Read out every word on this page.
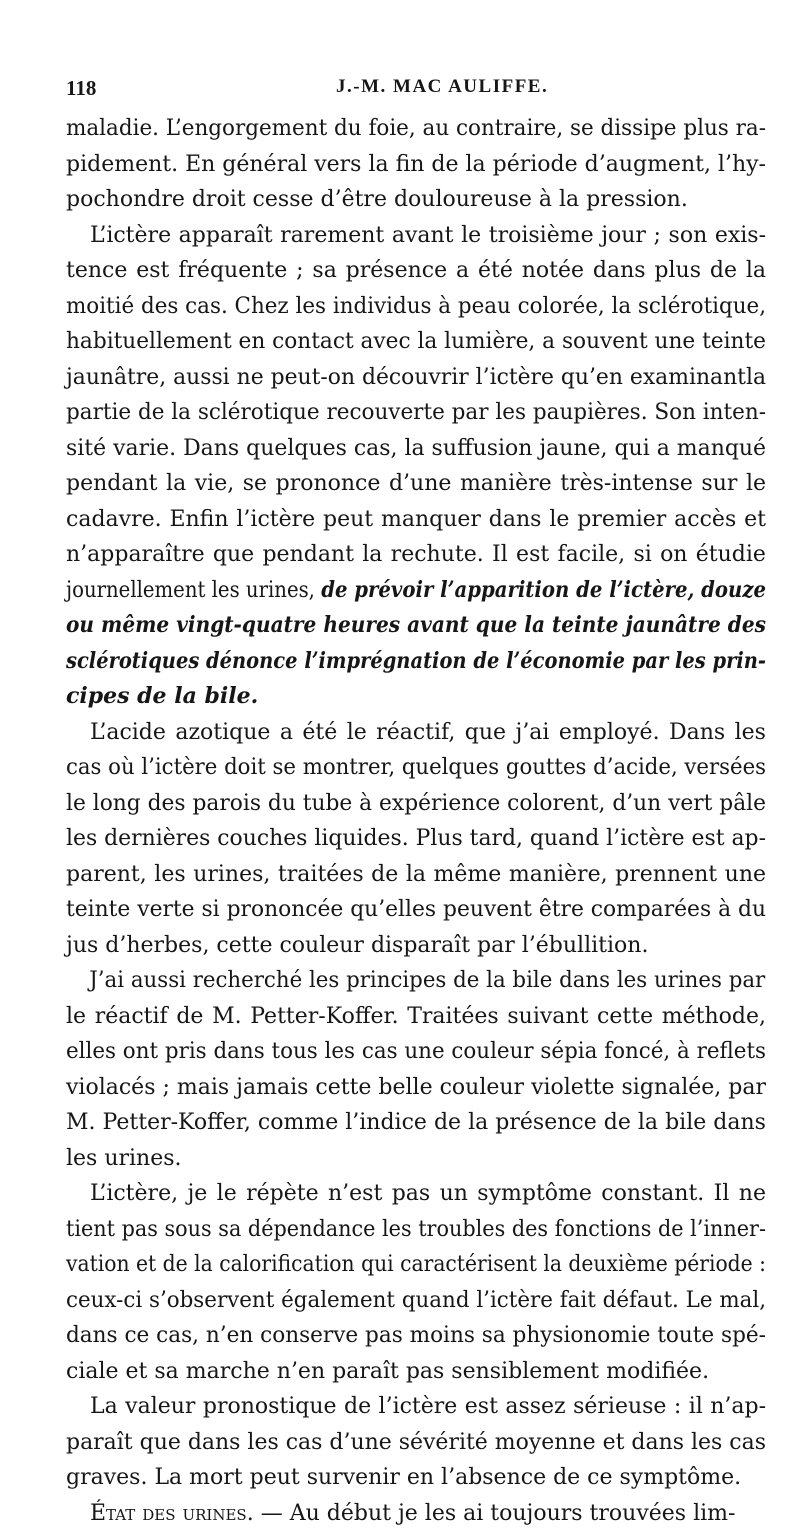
118	J.-M. MAC AULIFFE.
maladie. L’engorgement du foie, au contraire, se dissipe plus ra-
pidement. En général vers la fin de la période d’augment, l’hy-
pochondre droit cesse d’être douloureuse à la pression.
L’ictère apparaît rarement avant le troisième jour ; son exis-
tence est fréquente ; sa présence a été notée dans plus de la
moitié des cas. Chez les individus à peau colorée, la sclérotique,
habituellement en contact avec la lumière, a souvent une teinte
jaunâtre, aussi ne peut-on découvrir l’ictère qu’en examinantla
partie de la sclérotique recouverte par les paupières. Son inten-
sité varie. Dans quelques cas, la suffusion jaune, qui a manqué
pendant la vie, se prononce d’une manière très-intense sur le
cadavre. Enfin l’ictère peut manquer dans le premier accès et
n’apparaître que pendant la rechute. Il est facile, si on étudie
journellement les urines, de prévoir l’apparition de l’ictère, douze
ou même vingt-quatre heures avant que la teinte jaunâtre des
sclérotiques dénonce l’imprégnation de l’économie par les prin-
cipes de la bile.
L’acide azotique a été le réactif, que j’ai employé. Dans les
cas où l’ictère doit se montrer, quelques gouttes d’acide, versées
le long des parois du tube à expérience colorent, d’un vert pâle
les dernières couches liquides. Plus tard, quand l’ictère est ap-
parent, les urines, traitées de la même manière, prennent une
teinte verte si prononcée qu’elles peuvent être comparées à du
jus d’herbes, cette couleur disparaît par l’ébullition.
J’ai aussi recherché les principes de la bile dans les urines par
le réactif de M. Petter-Koffer. Traitées suivant cette méthode,
elles ont pris dans tous les cas une couleur sépia foncé, à reflets
violacés ; mais jamais cette belle couleur violette signalée, par
M. Petter-Koffer, comme l’indice de la présence de la bile dans
les urines.
L’ictère, je le répète n’est pas un symptôme constant. Il ne
tient pas sous sa dépendance les troubles des fonctions de l’inner-
vation et de la calorification qui caractérisent la deuxième période :
ceux-ci s’observent également quand l’ictère fait défaut. Le mal,
dans ce cas, n’en conserve pas moins sa physionomie toute spé-
ciale et sa marche n’en paraît pas sensiblement modifiée.
La valeur pronostique de l’ictère est assez sérieuse : il n’ap-
paraît que dans les cas d’une sévérité moyenne et dans les cas
graves. La mort peut survenir en l’absence de ce symptôme.
État des urines. — Au début je les ai toujours trouvées lim-
